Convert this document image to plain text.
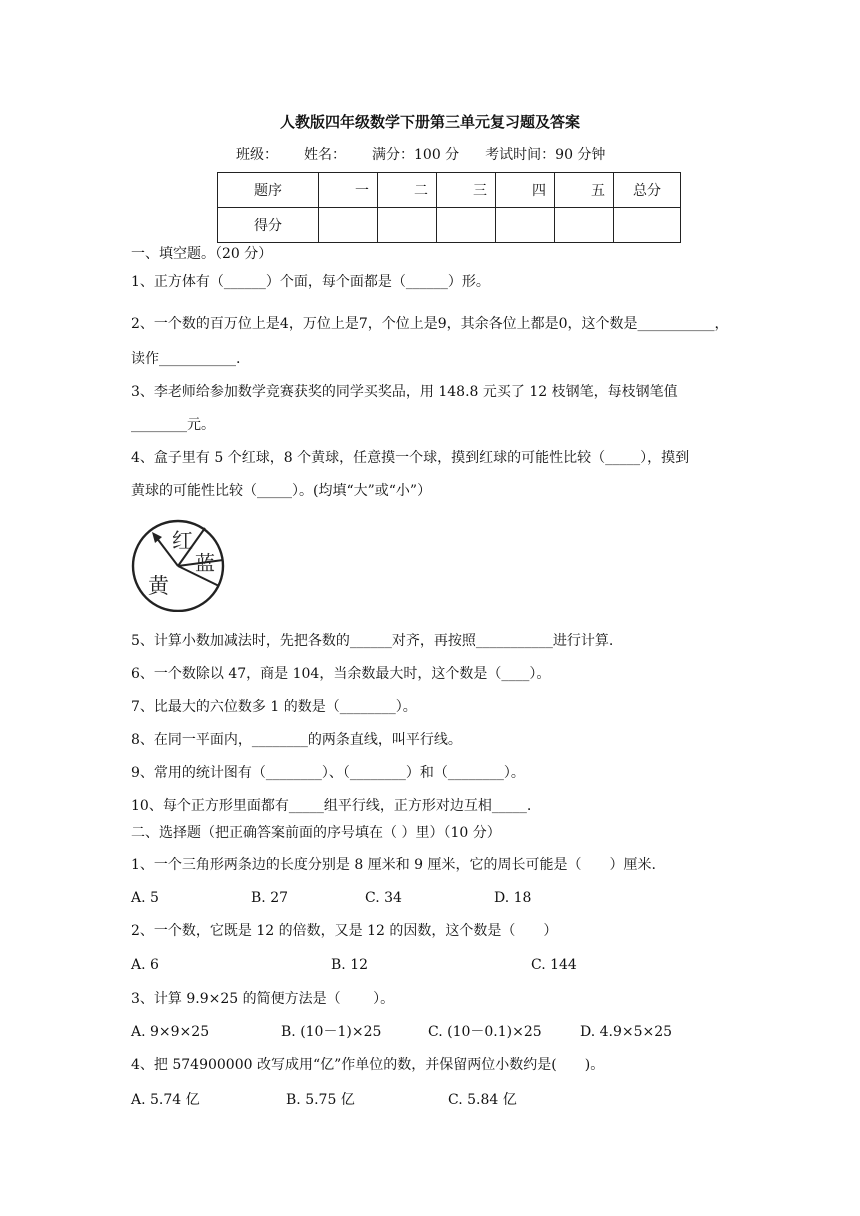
人教版四年级数学下册第三单元复习题及答案
班级： 姓名： 满分：100 分 考试时间：90 分钟
题序	一	二	三	四	五	总分
得分						
一、填空题。（20 分）
1、正方体有（______）个面，每个面都是（______）形。
2、一个数的百万位上是4，万位上是7，个位上是9，其余各位上都是0，这个数是___________，
读作___________.
3、李老师给参加数学竞赛获奖的同学买奖品，用 148.8 元买了 12 枝钢笔，每枝钢笔值
________元。
4、盒子里有 5 个红球，8 个黄球，任意摸一个球，摸到红球的可能性比较（_____），摸到
黄球的可能性比较（_____）。(均填“大”或“小”）
红
蓝
黄
5、计算小数加减法时，先把各数的______对齐，再按照___________进行计算.
6、一个数除以 47，商是 104，当余数最大时，这个数是（____）。
7、比最大的六位数多 1 的数是（________）。
8、在同一平面内，________的两条直线，叫平行线。
9、常用的统计图有（________）、（________）和（________）。
10、每个正方形里面都有_____组平行线，正方形对边互相_____.
二、选择题（把正确答案前面的序号填在（ ）里）（10 分）
1、一个三角形两条边的长度分别是 8 厘米和 9 厘米，它的周长可能是（　　）厘米.
A. 5	B. 27	C. 34	D. 18
2、一个数，它既是 12 的倍数，又是 12 的因数，这个数是（　　）
A. 6	B. 12	C. 144
3、计算 9.9×25 的简便方法是（　　 ）。
A. 9×9×25	B. (10－1)×25	C. (10－0.1)×25	D. 4.9×5×25
4、把 574900000 改写成用“亿”作单位的数，并保留两位小数约是(　　)。
A. 5.74 亿	B. 5.75 亿	C. 5.84 亿
